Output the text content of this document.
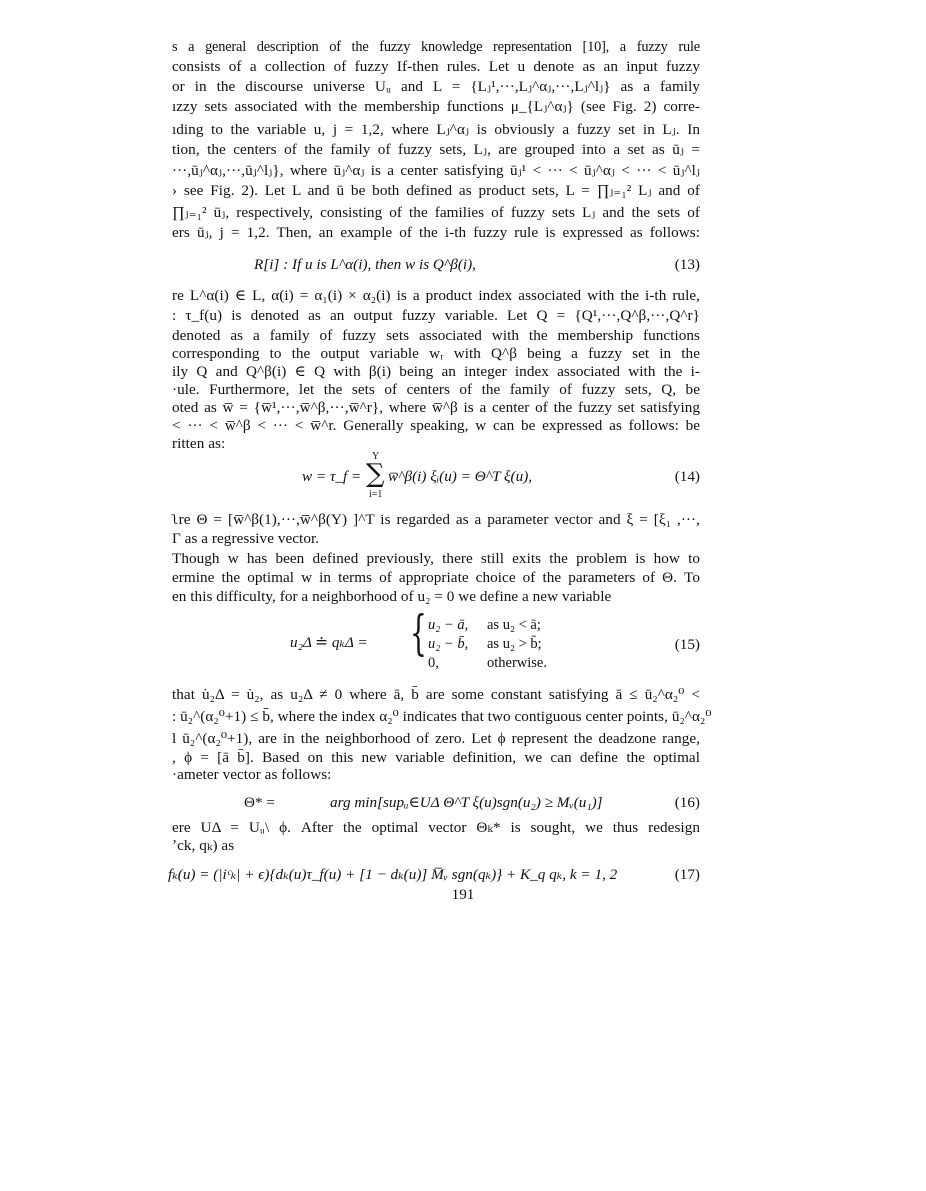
s a general description of the fuzzy knowledge representation [10], a fuzzy rule
consists of a collection of fuzzy If-then rules. Let u denote as an input fuzzy
or in the discourse universe Uᵤ and L = {Lⱼ¹,···,Lⱼ^αⱼ,···,Lⱼ^lⱼ} as a family
ızzy sets associated with the membership functions μ_{Lⱼ^αⱼ} (see Fig. 2) corre-
ıding to the variable u, j = 1,2, where Lⱼ^αⱼ is obviously a fuzzy set in Lⱼ. In
tion, the centers of the family of fuzzy sets, Lⱼ, are grouped into a set as ūⱼ =
···,ūⱼ^αⱼ,···,ūⱼ^lⱼ}, where ūⱼ^αⱼ is a center satisfying ūⱼ¹ < ··· < ūⱼ^αⱼ < ··· < ūⱼ^lⱼ
› see Fig. 2). Let L and ū be both defined as product sets, L = ∏ⱼ₌₁² Lⱼ and of
∏ⱼ₌₁² ūⱼ, respectively, consisting of the families of fuzzy sets Lⱼ and the sets of
ers ūⱼ, j = 1,2. Then, an example of the i-th fuzzy rule is expressed as follows:
R[i] : If u is L^α(i), then w is Q^β(i),	(13)
re L^α(i) ∈ L, α(i) = α₁(i) × α₂(i) is a product index associated with the i-th rule,
: τ_f(u) is denoted as an output fuzzy variable. Let Q = {Q¹,···,Q^β,···,Q^r}
denoted as a family of fuzzy sets associated with the membership functions
corresponding to the output variable wᵣ with Q^β being a fuzzy set in the
ily Q and Q^β(i) ∈ Q with β(i) being an integer index associated with the i-
·ule. Furthermore, let the sets of centers of the family of fuzzy sets, Q, be
oted as w̅ = {w̅¹,···,w̅^β,···,w̅^r}, where w̅^β is a center of the fuzzy set satisfying
< ··· < w̅^β < ··· < w̅^r. Generally speaking, w can be expressed as follows: be
ritten as:
w = τ_f =
Υ
∑
i=1
w̅^β(i) ξᵢ(u) = Θ^T ξ(u),	(14)
ʅre Θ = [w̅^β(1),···,w̅^β(Υ) ]^T is regarded as a parameter vector and ξ = [ξ₁ ,···,
Γ as a regressive vector.
Though w has been defined previously, there still exits the problem is how to
ermine the optimal w in terms of appropriate choice of the parameters of Θ. To
en this difficulty, for a neighborhood of u₂ = 0 we define a new variable
u₂Δ ≐ qₖΔ = { u₂ − ā, as u₂ < ā;
u₂ − b̄, as u₂ > b̄;
0,	otherwise.
(15)
that u̇₂Δ = u̇₂, as u₂Δ ≠ 0 where ā, b̄ are some constant satisfying ā ≤ ū₂^α₂⁰ <
: ū₂^(α₂⁰+1) ≤ b̄, where the index α₂⁰ indicates that two contiguous center points, ū₂^α₂⁰
l ū₂^(α₂⁰+1), are in the neighborhood of zero. Let ϕ represent the deadzone range,
, ϕ = [ā b̄]. Based on this new variable definition, we can define the optimal
·ameter vector as follows:
Θ* =	arg min[supᵤ∈UΔ Θ^T ξ(u)sgn(u₂) ≥ Mᵥ(u₁)]	(16)
ere UΔ = Uᵤ\ ϕ. After the optimal vector Θₖ* is sought, we thus redesign
ʼck, qₖ) as
fₖ(u) = (|iᶜₖ| + ϵ){dₖ(u)τ_f(u) + [1 − dₖ(u)] M̅ᵥ sgn(qₖ)} + K_q qₖ, k = 1, 2	(17)
191
